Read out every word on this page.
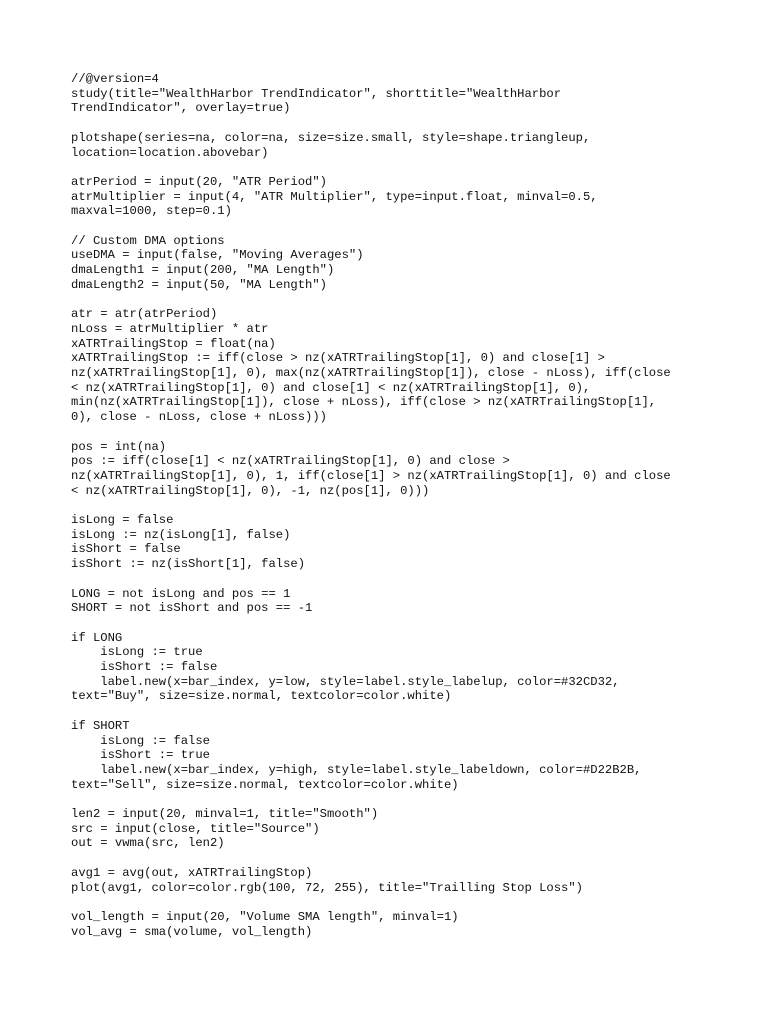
//@version=4
study(title="WealthHarbor TrendIndicator", shorttitle="WealthHarbor
TrendIndicator", overlay=true)
plotshape(series=na, color=na, size=size.small, style=shape.triangleup,
location=location.abovebar)
atrPeriod = input(20, "ATR Period")
atrMultiplier = input(4, "ATR Multiplier", type=input.float, minval=0.5,
maxval=1000, step=0.1)
// Custom DMA options
useDMA = input(false, "Moving Averages")
dmaLength1 = input(200, "MA Length")
dmaLength2 = input(50, "MA Length")
atr = atr(atrPeriod)
nLoss = atrMultiplier * atr
xATRTrailingStop = float(na)
xATRTrailingStop := iff(close > nz(xATRTrailingStop[1], 0) and close[1] >
nz(xATRTrailingStop[1], 0), max(nz(xATRTrailingStop[1]), close - nLoss), iff(close
< nz(xATRTrailingStop[1], 0) and close[1] < nz(xATRTrailingStop[1], 0),
min(nz(xATRTrailingStop[1]), close + nLoss), iff(close > nz(xATRTrailingStop[1],
0), close - nLoss, close + nLoss)))
pos = int(na)
pos := iff(close[1] < nz(xATRTrailingStop[1], 0) and close >
nz(xATRTrailingStop[1], 0), 1, iff(close[1] > nz(xATRTrailingStop[1], 0) and close
< nz(xATRTrailingStop[1], 0), -1, nz(pos[1], 0)))
isLong = false
isLong := nz(isLong[1], false)
isShort = false
isShort := nz(isShort[1], false)
LONG = not isLong and pos == 1
SHORT = not isShort and pos == -1
if LONG
isLong := true
isShort := false
label.new(x=bar_index, y=low, style=label.style_labelup, color=#32CD32,
text="Buy", size=size.normal, textcolor=color.white)
if SHORT
isLong := false
isShort := true
label.new(x=bar_index, y=high, style=label.style_labeldown, color=#D22B2B,
text="Sell", size=size.normal, textcolor=color.white)
len2 = input(20, minval=1, title="Smooth")
src = input(close, title="Source")
out = vwma(src, len2)
avg1 = avg(out, xATRTrailingStop)
plot(avg1, color=color.rgb(100, 72, 255), title="Trailling Stop Loss")
vol_length = input(20, "Volume SMA length", minval=1)
vol_avg = sma(volume, vol_length)
